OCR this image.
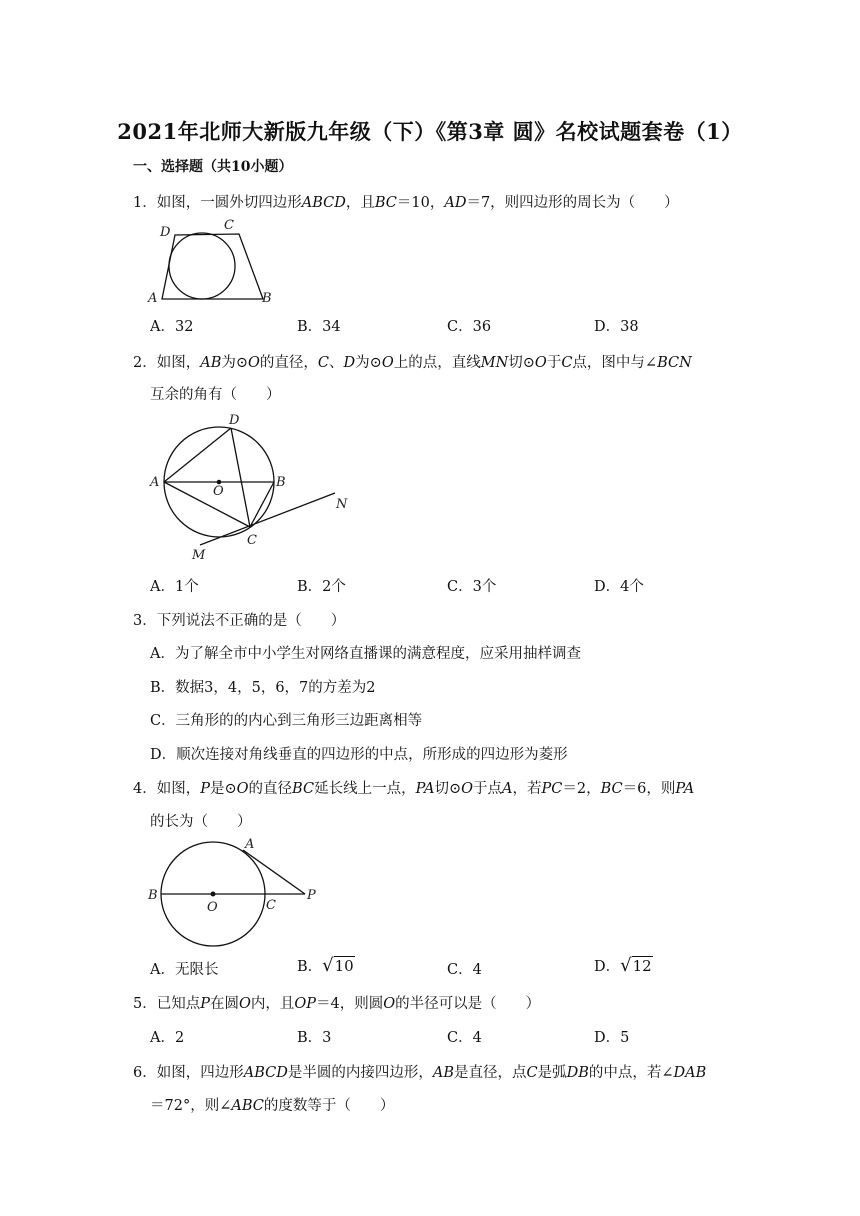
2021年北师大新版九年级（下）《第3章 圆》名校试题套卷（1）
一、选择题（共10小题）
1．如图，一圆外切四边形ABCD，且BC＝10，AD＝7，则四边形的周长为（　　）
D	C
A	B
A．32	B．34	C．36	D．38
2．如图，AB为⊙O的直径，C、D为⊙O上的点，直线MN切⊙O于C点，图中与∠BCN
互余的角有（　　）
D
A
O
B
N
C
M
A．1个	B．2个	C．3个	D．4个
3．下列说法不正确的是（　　）
A．为了解全市中小学生对网络直播课的满意程度，应采用抽样调查
B．数据3，4，5，6，7的方差为2
C．三角形的的内心到三角形三边距离相等
D．顺次连接对角线垂直的四边形的中点，所形成的四边形为菱形
4．如图，P是⊙O的直径BC延长线上一点，PA切⊙O于点A，若PC＝2，BC＝6，则PA
的长为（　　）
A
B
O	C
P
A．无限长	B．√10	C．4	D．√12
5．已知点P在圆O内，且OP＝4，则圆O的半径可以是（　　）
A．2	B．3	C．4	D．5
6．如图，四边形ABCD是半圆的内接四边形，AB是直径，点C是弧DB的中点，若∠DAB
＝72°，则∠ABC的度数等于（　　）
